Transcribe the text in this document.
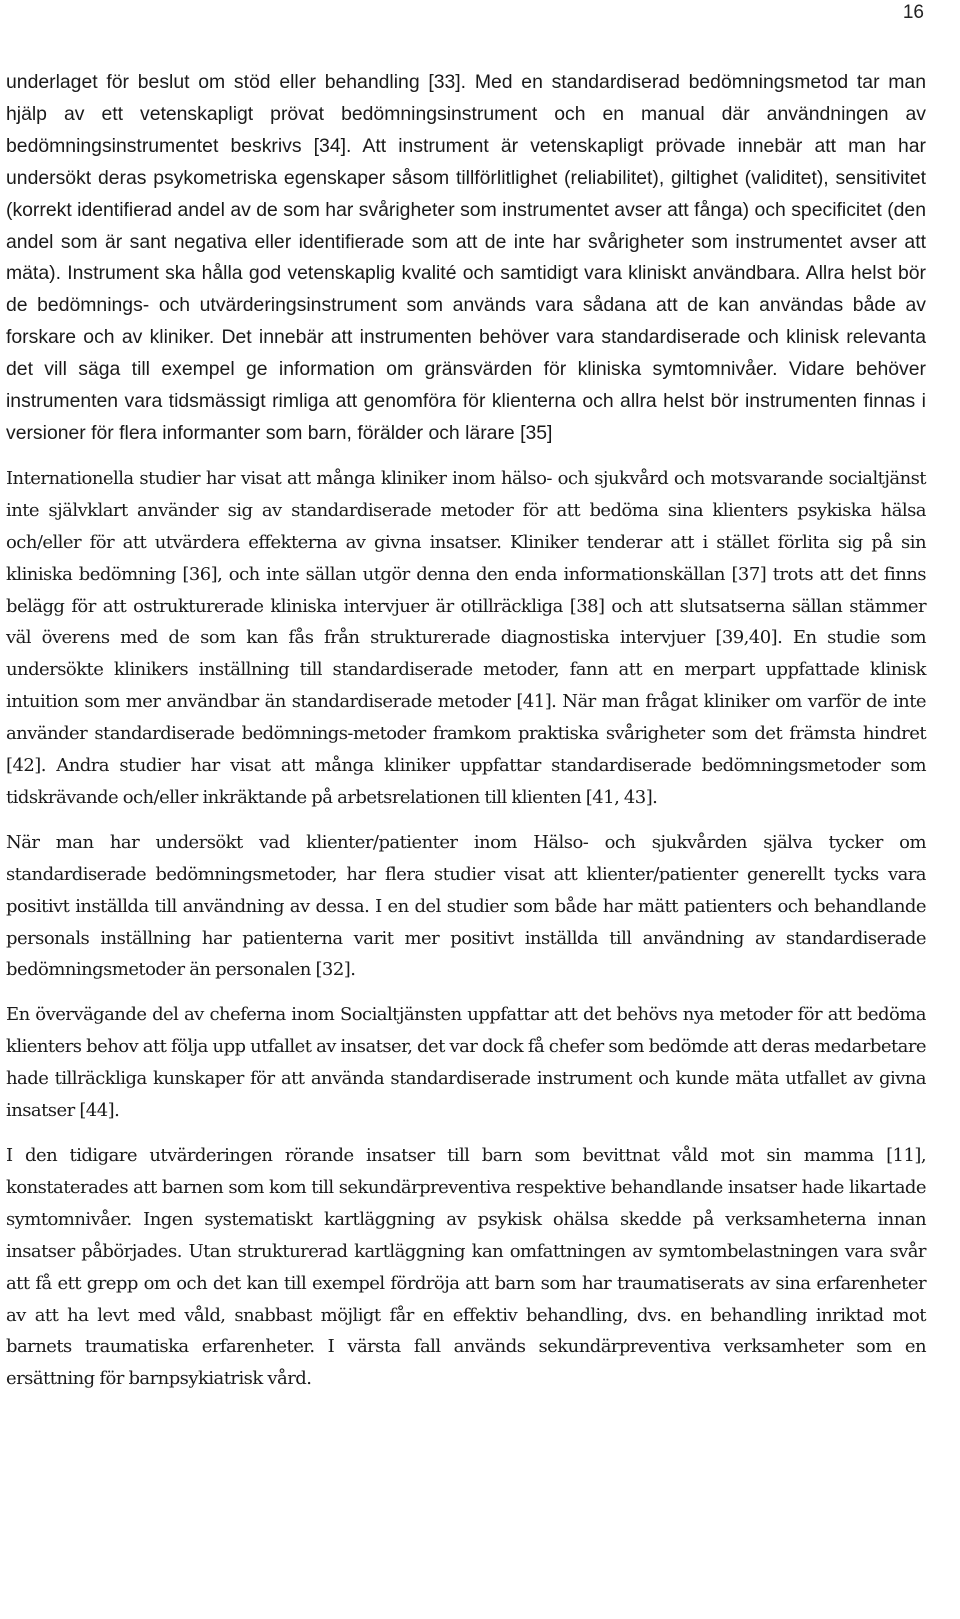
16

underlaget för beslut om stöd eller behandling [33]. Med en standardiserad bedömningsmetod tar man hjälp av ett vetenskapligt prövat bedömningsinstrument och en manual där användningen av bedömningsinstrumentet beskrivs [34]. Att instrument är vetenskapligt prövade innebär att man har undersökt deras psykometriska egenskaper såsom tillförlitlighet (reliabilitet), giltighet (validitet), sensitivitet (korrekt identifierad andel av de som har svårigheter som instrumentet avser att fånga) och specificitet (den andel som är sant negativa eller identifierade som att de inte har svårigheter som instrumentet avser att mäta). Instrument ska hålla god vetenskaplig kvalité och samtidigt vara kliniskt användbara. Allra helst bör de bedömnings- och utvärderingsinstrument som används vara sådana att de kan användas både av forskare och av kliniker. Det innebär att instrumenten behöver vara standardiserade och klinisk relevanta det vill säga till exempel ge information om gränsvärden för kliniska symtomnivåer. Vidare behöver instrumenten vara tidsmässigt rimliga att genomföra för klienterna och allra helst bör instrumenten finnas i versioner för flera informanter som barn, förälder och lärare [35]

Internationella studier har visat att många kliniker inom hälso- och sjukvård och motsvarande socialtjänst inte självklart använder sig av standardiserade metoder för att bedöma sina klienters psykiska hälsa och/eller för att utvärdera effekterna av givna insatser. Kliniker tenderar att i stället förlita sig på sin kliniska bedömning [36], och inte sällan utgör denna den enda informationskällan [37] trots att det finns belägg för att ostrukturerade kliniska intervjuer är otillräckliga [38] och att slutsatserna sällan stämmer väl överens med de som kan fås från strukturerade diagnostiska intervjuer [39,40]. En studie som undersökte klinikers inställning till standardiserade metoder, fann att en merpart uppfattade klinisk intuition som mer användbar än standardiserade metoder [41]. När man frågat kliniker om varför de inte använder standardiserade bedömnings-metoder framkom praktiska svårigheter som det främsta hindret [42]. Andra studier har visat att många kliniker uppfattar standardiserade bedömningsmetoder som tidskrävande och/eller inkräktande på arbetsrelationen till klienten [41, 43].

När man har undersökt vad klienter/patienter inom Hälso- och sjukvården själva tycker om standardiserade bedömningsmetoder, har flera studier visat att klienter/patienter generellt tycks vara positivt inställda till användning av dessa. I en del studier som både har mätt patienters och behandlande personals inställning har patienterna varit mer positivt inställda till användning av standardiserade bedömningsmetoder än personalen [32].

En övervägande del av cheferna inom Socialtjänsten uppfattar att det behövs nya metoder för att bedöma klienters behov att följa upp utfallet av insatser, det var dock få chefer som bedömde att deras medarbetare hade tillräckliga kunskaper för att använda standardiserade instrument och kunde mäta utfallet av givna insatser [44].

I den tidigare utvärderingen rörande insatser till barn som bevittnat våld mot sin mamma [11], konstaterades att barnen som kom till sekundärpreventiva respektive behandlande insatser hade likartade symtomnivåer. Ingen systematiskt kartläggning av psykisk ohälsa skedde på verksamheterna innan insatser påbörjades. Utan strukturerad kartläggning kan omfattningen av symtombelastningen vara svår att få ett grepp om och det kan till exempel fördröja att barn som har traumatiserats av sina erfarenheter av att ha levt med våld, snabbast möjligt får en effektiv behandling, dvs. en behandling inriktad mot barnets traumatiska erfarenheter. I värsta fall används sekundärpreventiva verksamheter som en ersättning för barnpsykiatrisk vård.
